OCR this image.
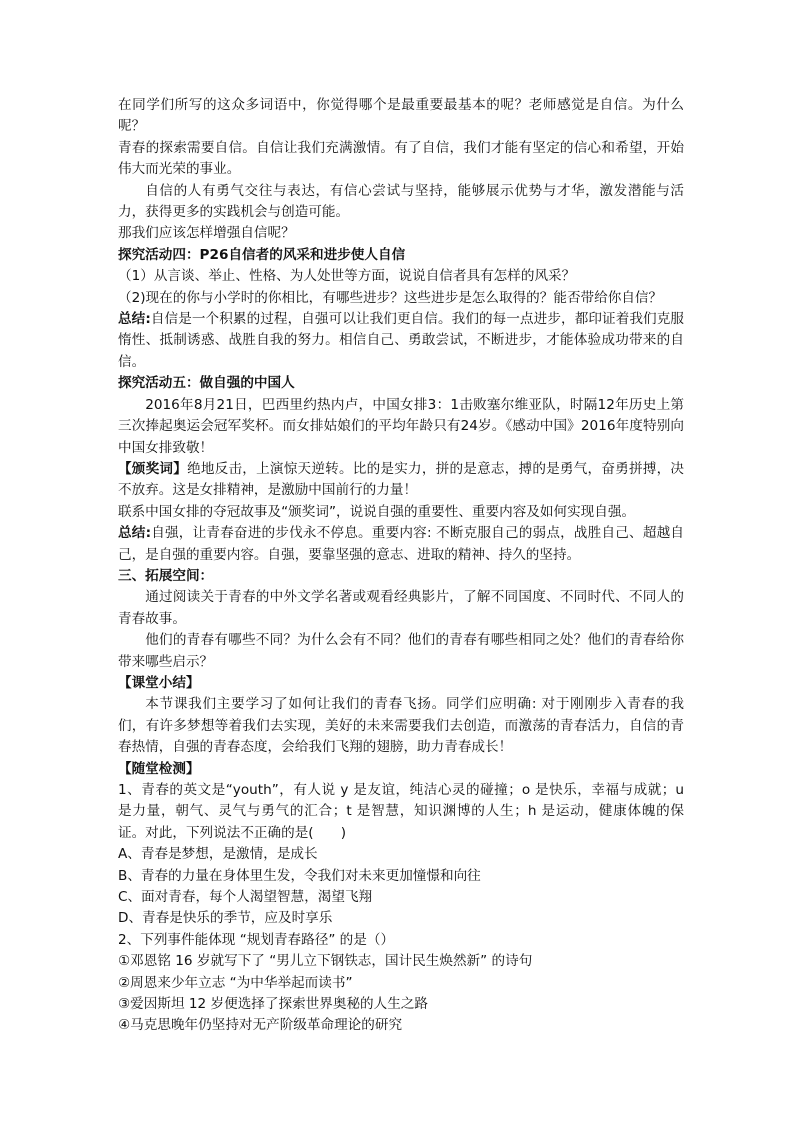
在同学们所写的这众多词语中，你觉得哪个是最重要最基本的呢？老师感觉是自信。为什么呢？

青春的探索需要自信。自信让我们充满激情。有了自信，我们才能有坚定的信心和希望，开始伟大而光荣的事业。

自信的人有勇气交往与表达，有信心尝试与坚持，能够展示优势与才华，激发潜能与活力，获得更多的实践机会与创造可能。

那我们应该怎样增强自信呢？

探究活动四：P26自信者的风采和进步使人自信

（1）从言谈、举止、性格、为人处世等方面，说说自信者具有怎样的风采？

（2)现在的你与小学时的你相比，有哪些进步？这些进步是怎么取得的？能否带给你自信？

总结:自信是一个积累的过程，自强可以让我们更自信。我们的每一点进步，都印证着我们克服惰性、抵制诱惑、战胜自我的努力。相信自己、勇敢尝试，不断进步，才能体验成功带来的自信。

探究活动五：做自强的中国人

2016年8月21日，巴西里约热内卢，中国女排3：1击败塞尔维亚队，时隔12年历史上第三次捧起奥运会冠军奖杯。而女排姑娘们的平均年龄只有24岁。《感动中国》2016年度特别向中国女排致敬！

【颁奖词】绝地反击，上演惊天逆转。比的是实力，拼的是意志，搏的是勇气，奋勇拼搏，决不放弃。这是女排精神，是激励中国前行的力量！

联系中国女排的夺冠故事及“颁奖词”，说说自强的重要性、重要内容及如何实现自强。

总结:自强，让青春奋进的步伐永不停息。重要内容: 不断克服自己的弱点，战胜自己、超越自己，是自强的重要内容。自强，要靠坚强的意志、进取的精神、持久的坚持。

三、拓展空间：

通过阅读关于青春的中外文学名著或观看经典影片，了解不同国度、不同时代、不同人的青春故事。

他们的青春有哪些不同？为什么会有不同？他们的青春有哪些相同之处？他们的青春给你带来哪些启示？

【课堂小结】

本节课我们主要学习了如何让我们的青春飞扬。同学们应明确: 对于刚刚步入青春的我们，有许多梦想等着我们去实现，美好的未来需要我们去创造，而激荡的青春活力，自信的青春热情，自强的青春态度，会给我们飞翔的翅膀，助力青春成长！

【随堂检测】

1、青春的英文是“youth”，有人说 y 是友谊，纯洁心灵的碰撞；o 是快乐，幸福与成就；u 是力量，朝气、灵气与勇气的汇合；t 是智慧，知识渊博的人生；h 是运动，健康体魄的保证。对此，下列说法不正确的是(　　)

A、青春是梦想，是激情，是成长

B、青春的力量在身体里生发，令我们对未来更加憧憬和向往

C、面对青春，每个人渴望智慧，渴望飞翔

D、青春是快乐的季节，应及时享乐

2、下列事件能体现 “规划青春路径” 的是（）

①邓恩铭 16 岁就写下了 “男儿立下钢铁志，国计民生焕然新” 的诗句

②周恩来少年立志 “为中华举起而读书”

③爱因斯坦 12 岁便选择了探索世界奥秘的人生之路

④马克思晚年仍坚持对无产阶级革命理论的研究
